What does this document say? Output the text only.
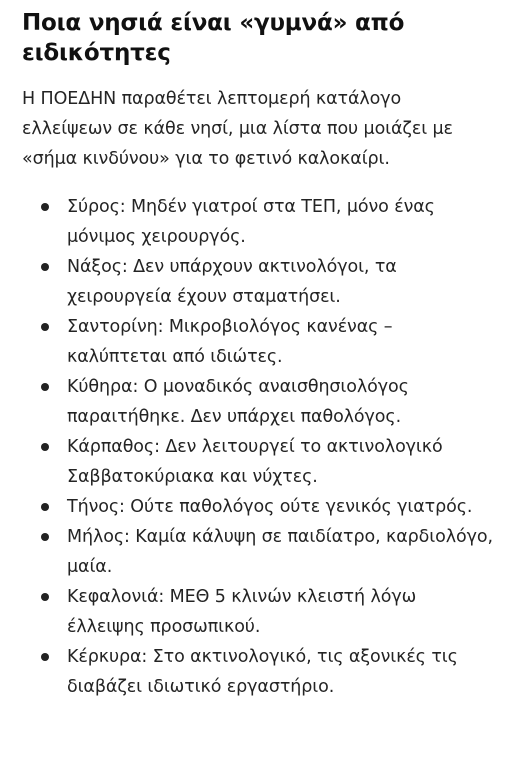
Ποια νησιά είναι «γυμνά» από ειδικότητες

Η ΠΟΕΔΗΝ παραθέτει λεπτομερή κατάλογο ελλείψεων σε κάθε νησί, μια λίστα που μοιάζει με «σήμα κινδύνου» για το φετινό καλοκαίρι.

Σύρος: Μηδέν γιατροί στα ΤΕΠ, μόνο ένας μόνιμος χειρουργός.
Νάξος: Δεν υπάρχουν ακτινολόγοι, τα χειρουργεία έχουν σταματήσει.
Σαντορίνη: Μικροβιολόγος κανένας – καλύπτεται από ιδιώτες.
Κύθηρα: Ο μοναδικός αναισθησιολόγος παραιτήθηκε. Δεν υπάρχει παθολόγος.
Κάρπαθος: Δεν λειτουργεί το ακτινολογικό Σαββατοκύριακα και νύχτες.
Τήνος: Ούτε παθολόγος ούτε γενικός γιατρός.
Μήλος: Καμία κάλυψη σε παιδίατρο, καρδιολόγο, μαία.
Κεφαλονιά: ΜΕΘ 5 κλινών κλειστή λόγω έλλειψης προσωπικού.
Κέρκυρα: Στο ακτινολογικό, τις αξονικές τις διαβάζει ιδιωτικό εργαστήριο.
